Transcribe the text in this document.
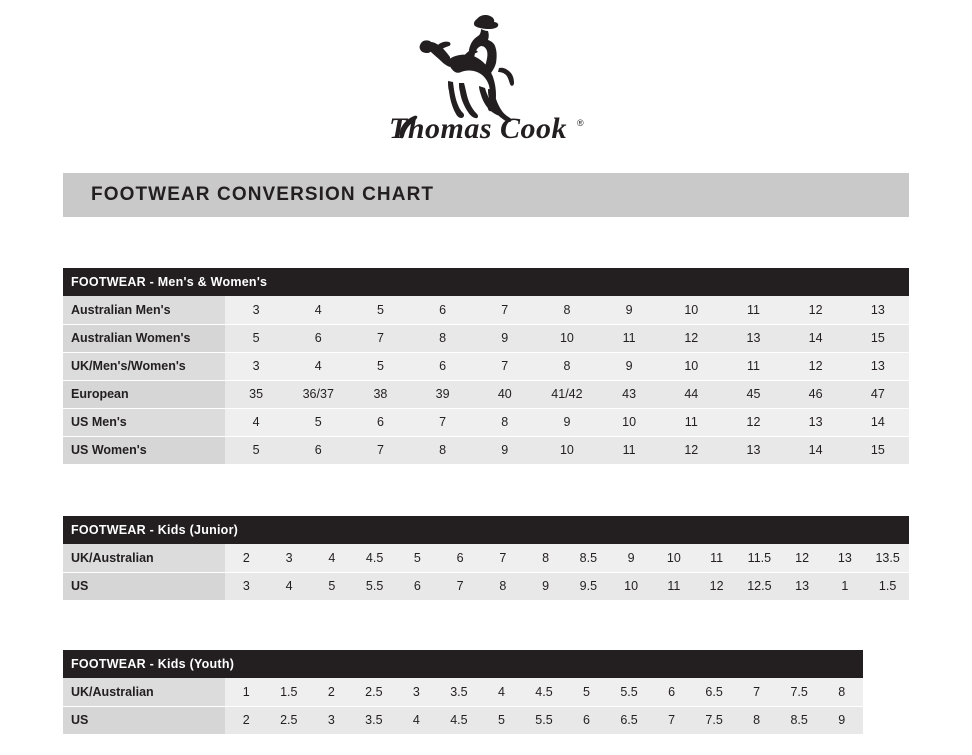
Thomas Cook ®
FOOTWEAR CONVERSION CHART
FOOTWEAR - Men's & Women's
Australian Men's	3	4	5	6	7	8	9	10	11	12	13
Australian Women's	5	6	7	8	9	10	11	12	13	14	15
UK/Men's/Women's	3	4	5	6	7	8	9	10	11	12	13
European	35	36/37	38	39	40	41/42	43	44	45	46	47
US Men's	4	5	6	7	8	9	10	11	12	13	14
US Women's	5	6	7	8	9	10	11	12	13	14	15
FOOTWEAR - Kids (Junior)
UK/Australian	2	3	4	4.5	5	6	7	8	8.5	9	10	11	11.5	12	13	13.5
US	3	4	5	5.5	6	7	8	9	9.5	10	11	12	12.5	13	1	1.5
FOOTWEAR - Kids (Youth)
UK/Australian	1	1.5	2	2.5	3	3.5	4	4.5	5	5.5	6	6.5	7	7.5	8
US	2	2.5	3	3.5	4	4.5	5	5.5	6	6.5	7	7.5	8	8.5	9
